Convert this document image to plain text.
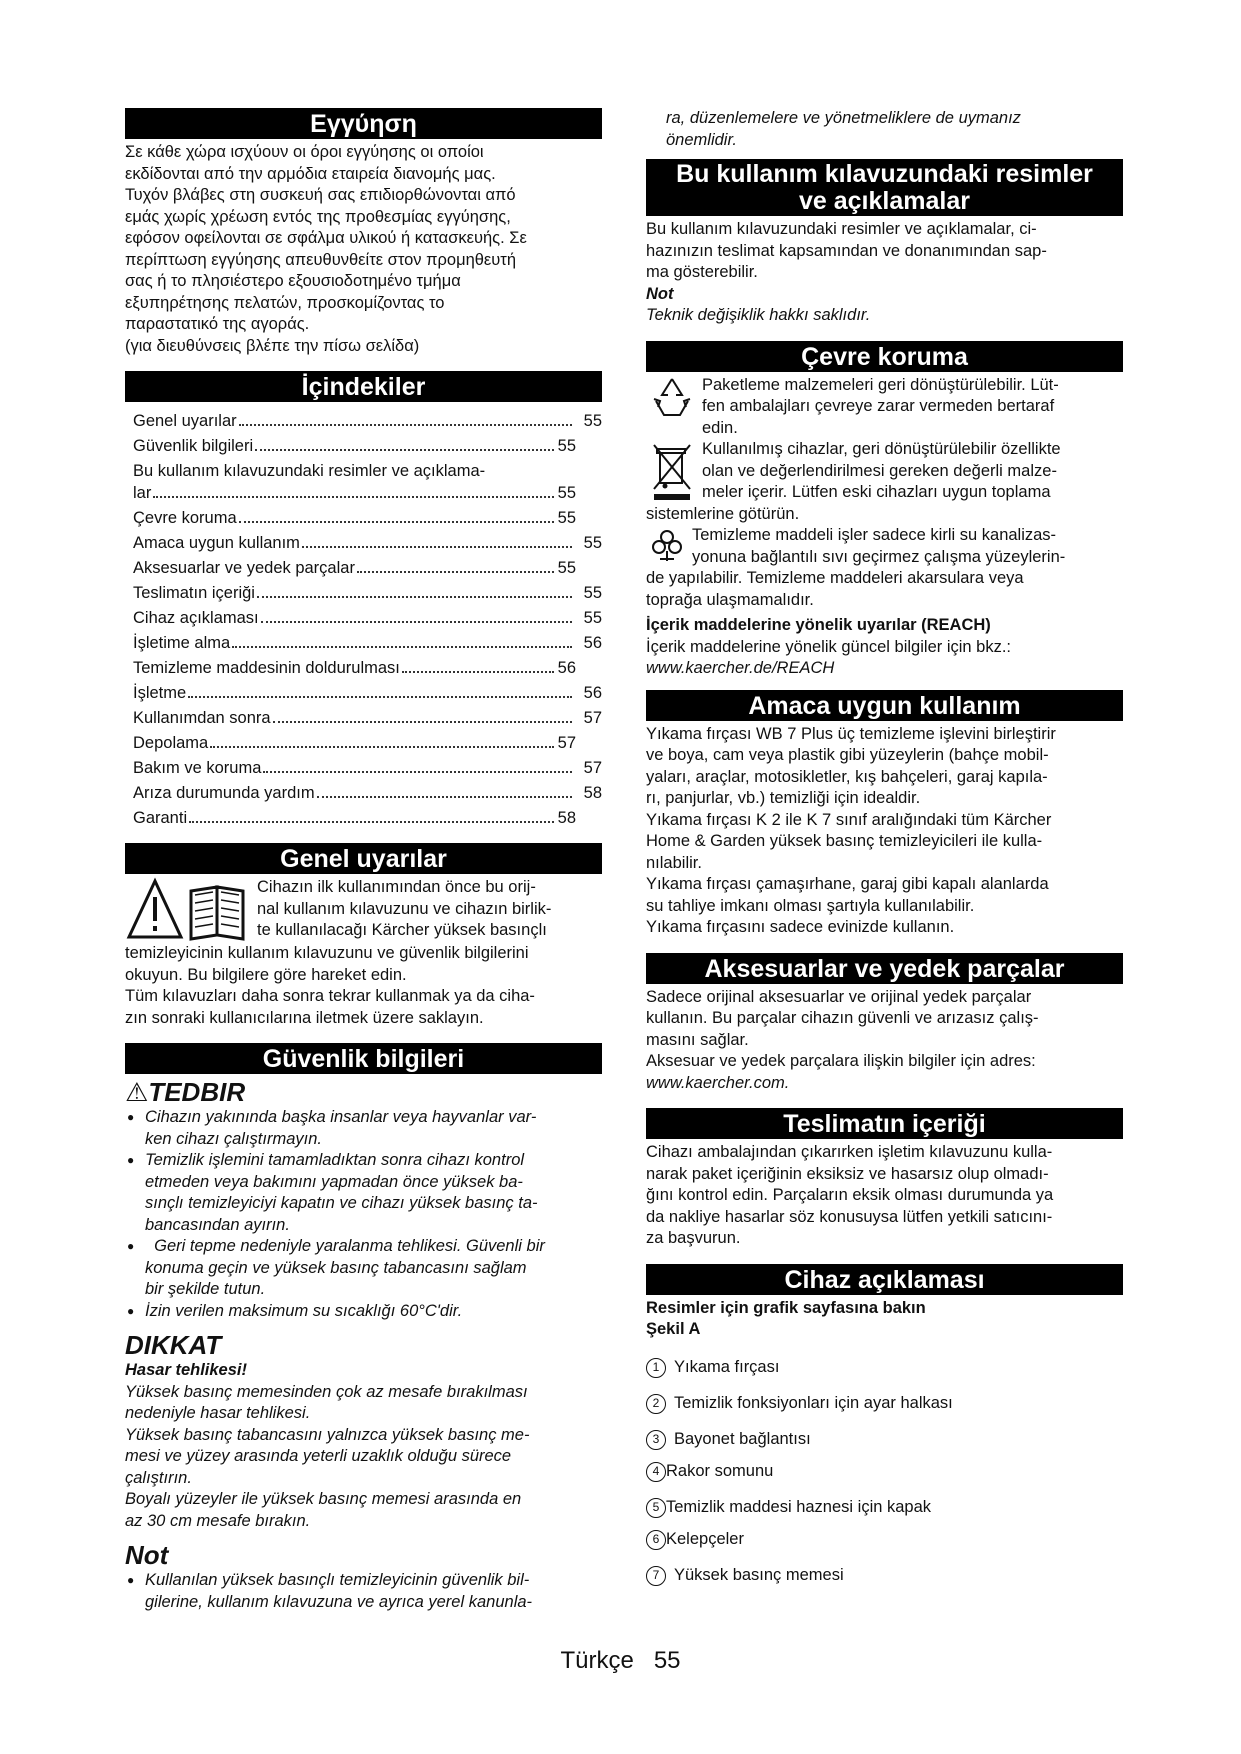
Εγγύηση

Σε κάθε χώρα ισχύουν οι όροι εγγύησης οι οποίοι

εκδίδονται από την αρμόδια εταιρεία διανομής μας.

Τυχόν βλάβες στη συσκευή σας επιδιορθώνονται από

εμάς χωρίς χρέωση εντός της προθεσμίας εγγύησης,

εφόσον οφείλονται σε σφάλμα υλικού ή κατασκευής. Σε

περίπτωση εγγύησης απευθυνθείτε στον προμηθευτή

σας ή το πλησιέστερο εξουσιοδοτημένο τμήμα

εξυπηρέτησης πελατών, προσκομίζοντας το

παραστατικό της αγοράς.

(για διευθύνσεις βλέπε την πίσω σελίδα)

İçindekiler
Genel uyarılar	55
Güvenlik bilgileri	55
Bu kullanım kılavuzundaki resimler ve açıklama-
lar	55
Çevre koruma	55
Amaca uygun kullanım	55
Aksesuarlar ve yedek parçalar	55
Teslimatın içeriği	55
Cihaz açıklaması	55
İşletime alma	56
Temizleme maddesinin doldurulması	56
İşletme	56
Kullanımdan sonra	57
Depolama	57
Bakım ve koruma	57
Arıza durumunda yardım	58
Garanti	58
Genel uyarılar

Cihazın ilk kullanımından önce bu orij-

nal kullanım kılavuzunu ve cihazın birlik-

te kullanılacağı Kärcher yüksek basınçlı

temizleyicinin kullanım kılavuzunu ve güvenlik bilgilerini

okuyun. Bu bilgilere göre hareket edin.

Tüm kılavuzları daha sonra tekrar kullanmak ya da ciha-

zın sonraki kullanıcılarına iletmek üzere saklayın.

Güvenlik bilgileri
⚠TEDBIR

● Cihazın yakınında başka insanlar veya hayvanlar var-

ken cihazı çalıştırmayın.

● Temizlik işlemini tamamladıktan sonra cihazı kontrol

etmeden veya bakımını yapmadan önce yüksek ba-

sınçlı temizleyiciyi kapatın ve cihazı yüksek basınç ta-

bancasından ayırın.

●   Geri tepme nedeniyle yaralanma tehlikesi. Güvenli bir

konuma geçin ve yüksek basınç tabancasını sağlam

bir şekilde tutun.

● İzin verilen maksimum su sıcaklığı 60°C'dir.

DIKKAT

Hasar tehlikesi!

Yüksek basınç memesinden çok az mesafe bırakılması

nedeniyle hasar tehlikesi.

Yüksek basınç tabancasını yalnızca yüksek basınç me-

mesi ve yüzey arasında yeterli uzaklık olduğu sürece

çalıştırın.

Boyalı yüzeyler ile yüksek basınç memesi arasında en

az 30 cm mesafe bırakın.

Not

● Kullanılan yüksek basınçlı temizleyicinin güvenlik bil-

gilerine, kullanım kılavuzuna ve ayrıca yerel kanunla-

ra, düzenlemelere ve yönetmeliklere de uymanız

önemlidir.

Bu kullanım kılavuzundaki resimler
ve açıklamalar

Bu kullanım kılavuzundaki resimler ve açıklamalar, ci-

hazınızın teslimat kapsamından ve donanımından sap-

ma gösterebilir.

Not

Teknik değişiklik hakkı saklıdır.

Çevre koruma

Paketleme malzemeleri geri dönüştürülebilir. Lüt-

fen ambalajları çevreye zarar vermeden bertaraf

edin.

Kullanılmış cihazlar, geri dönüştürülebilir özellikte

olan ve değerlendirilmesi gereken değerli malze-

meler içerir. Lütfen eski cihazları uygun toplama

sistemlerine götürün.

Temizleme maddeli işler sadece kirli su kanalizas-

yonuna bağlantılı sıvı geçirmez çalışma yüzeylerin-

de yapılabilir. Temizleme maddeleri akarsulara veya

toprağa ulaşmamalıdır.

İçerik maddelerine yönelik uyarılar (REACH)

İçerik maddelerine yönelik güncel bilgiler için bkz.:

www.kaercher.de/REACH

Amaca uygun kullanım

Yıkama fırçası WB 7 Plus üç temizleme işlevini birleştirir

ve boya, cam veya plastik gibi yüzeylerin (bahçe mobil-

yaları, araçlar, motosikletler, kış bahçeleri, garaj kapıla-

rı, panjurlar, vb.) temizliği için idealdir.

Yıkama fırçası K 2 ile K 7 sınıf aralığındaki tüm Kärcher

Home & Garden yüksek basınç temizleyicileri ile kulla-

nılabilir.

Yıkama fırçası çamaşırhane, garaj gibi kapalı alanlarda

su tahliye imkanı olması şartıyla kullanılabilir.

Yıkama fırçasını sadece evinizde kullanın.

Aksesuarlar ve yedek parçalar

Sadece orijinal aksesuarlar ve orijinal yedek parçalar

kullanın. Bu parçalar cihazın güvenli ve arızasız çalış-

masını sağlar.

Aksesuar ve yedek parçalara ilişkin bilgiler için adres:

www.kaercher.com.

Teslimatın içeriği

Cihazı ambalajından çıkarırken işletim kılavuzunu kulla-

narak paket içeriğinin eksiksiz ve hasarsız olup olmadı-

ğını kontrol edin. Parçaların eksik olması durumunda ya

da nakliye hasarlar söz konusuysa lütfen yetkili satıcını-

za başvurun.

Cihaz açıklaması

Resimler için grafik sayfasına bakın

Şekil A

1 Yıkama fırçası
2 Temizlik fonksiyonları için ayar halkası
3 Bayonet bağlantısı
4 Rakor somunu
5 Temizlik maddesi haznesi için kapak
6 Kelepçeler
7 Yüksek basınç memesi
Türkçe 55
